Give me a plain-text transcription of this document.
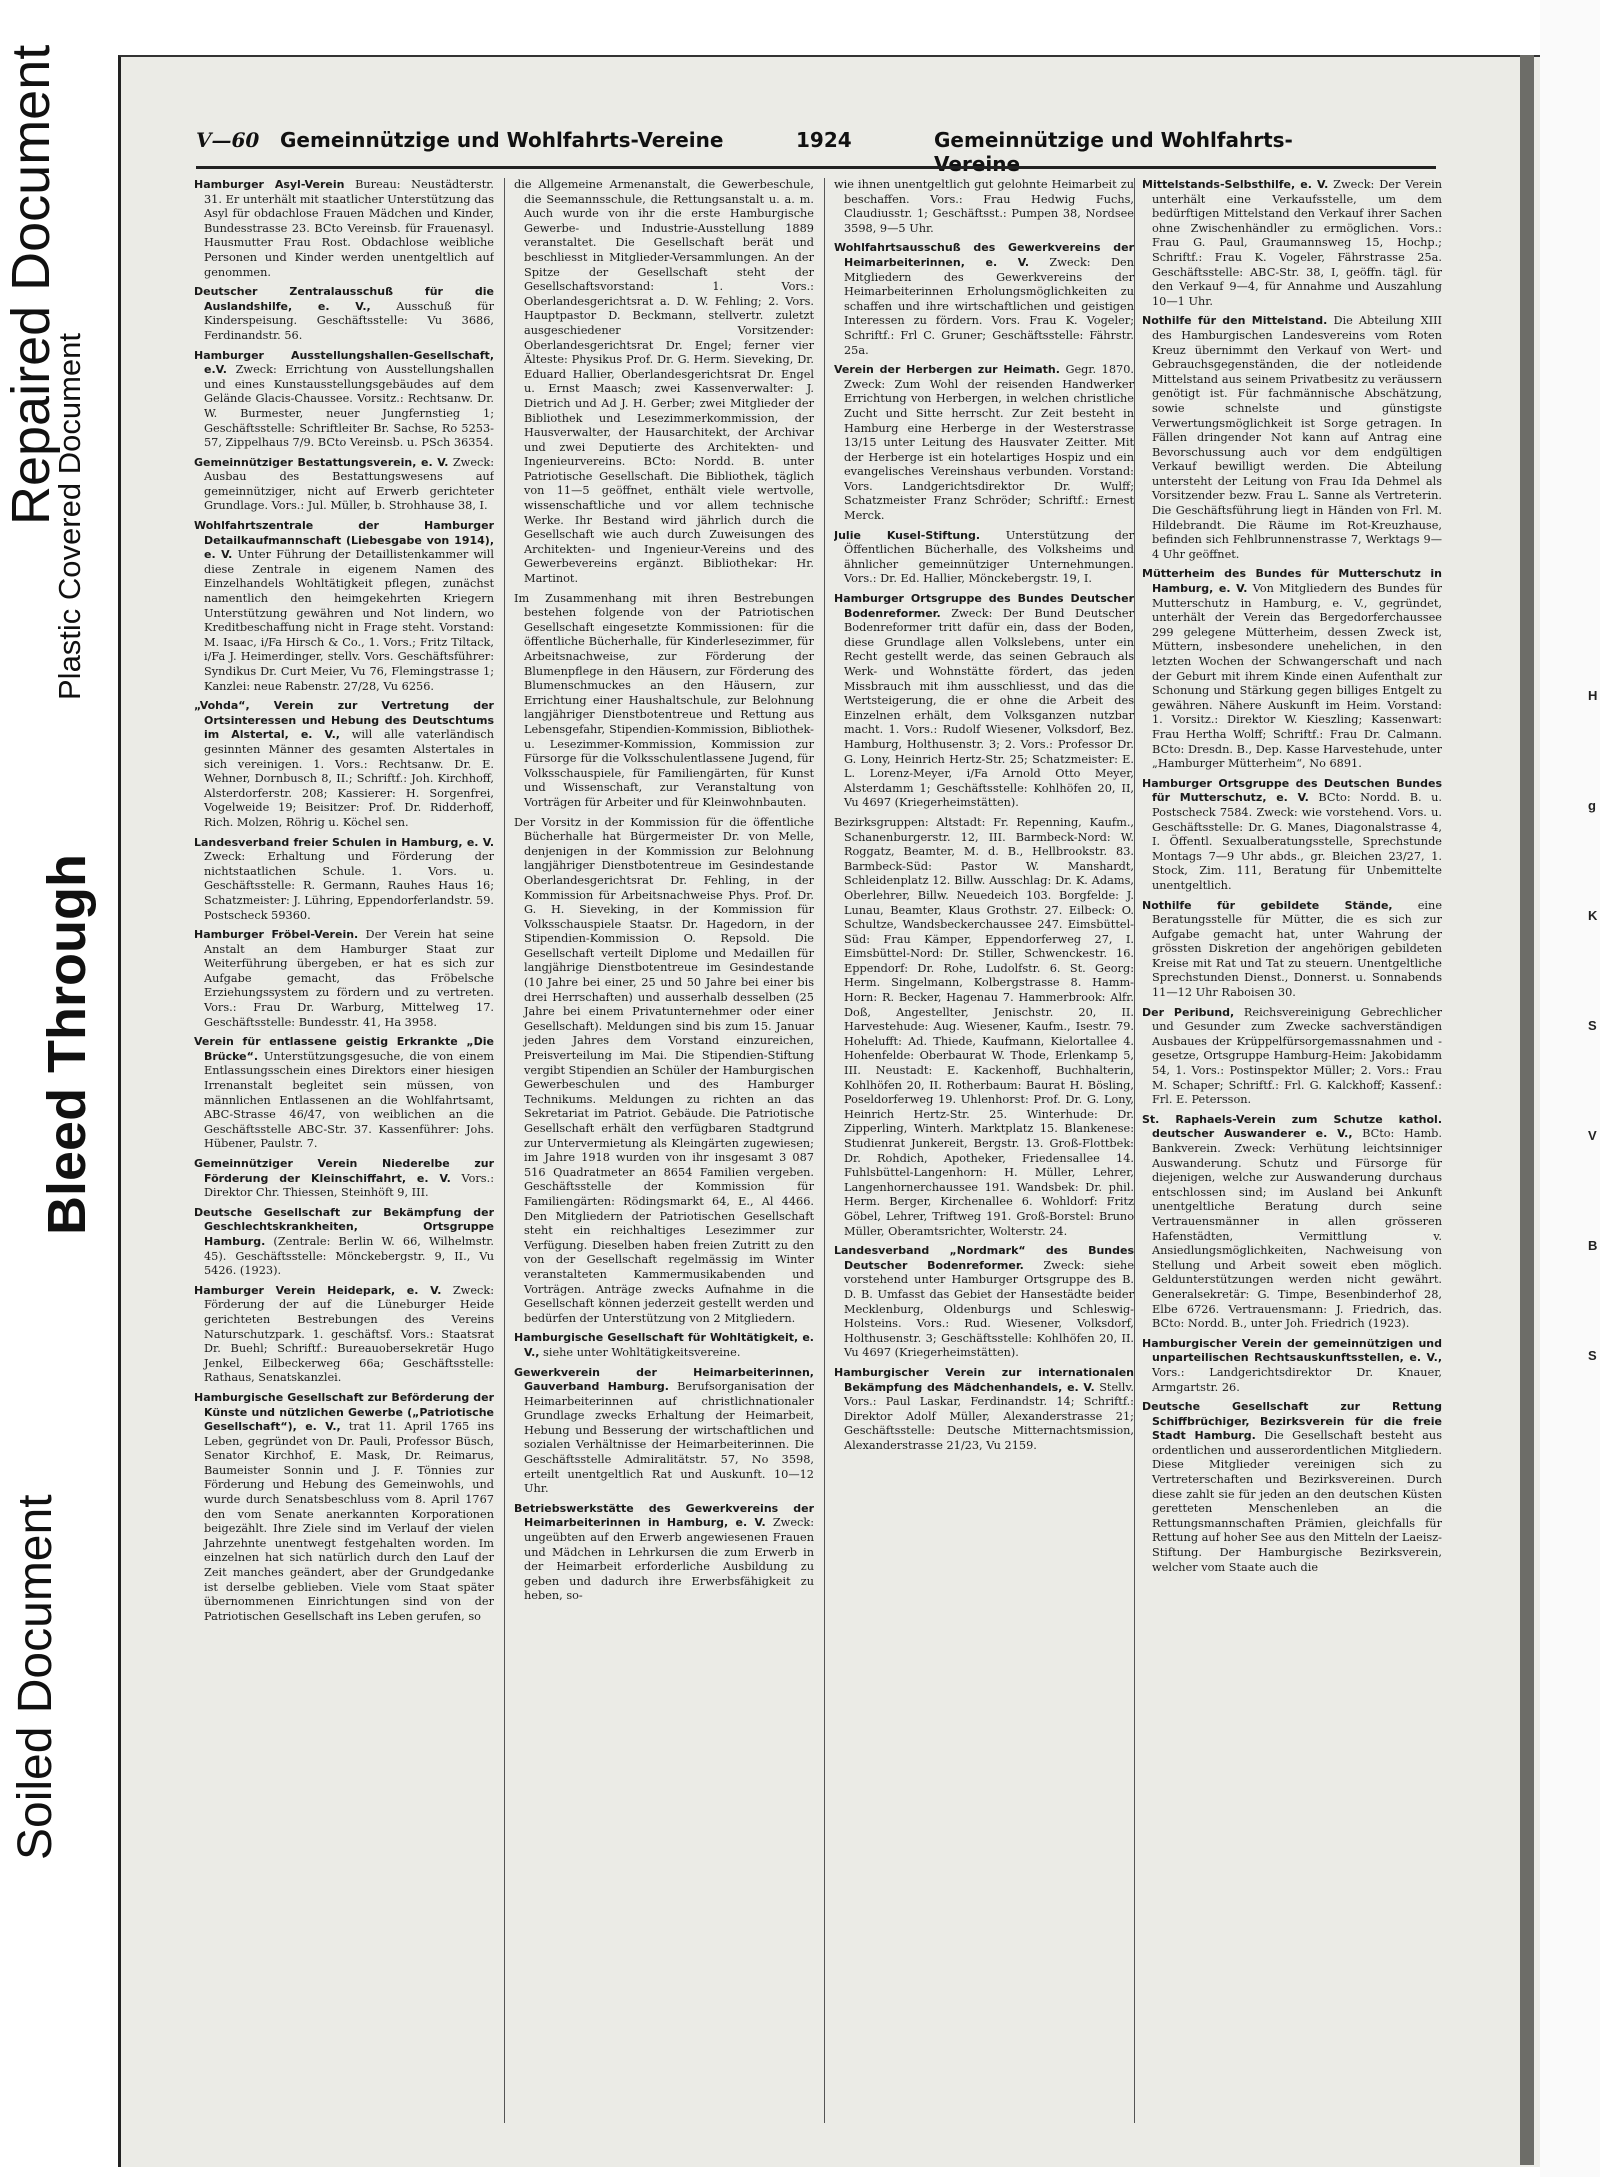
Repaired Document
Plastic Covered Document
Bleed Through
Soiled Document
H
g
K
S
V
B
S
V—60 Gemeinnützige und Wohlfahrts-Vereine	1924	Gemeinnützige und Wohlfahrts-Vereine

Hamburger Asyl-Verein Bureau: Neustädterstr. 31. Er unterhält mit staatlicher Unterstützung das Asyl für obdachlose Frauen Mädchen und Kinder, Bundesstrasse 23. BCto Vereinsb. für Frauenasyl. Hausmutter Frau Rost. Obdachlose weibliche Personen und Kinder werden unentgeltlich auf genommen.

Deutscher Zentralausschuß für die Auslandshilfe, e. V., Ausschuß für Kinderspeisung. Geschäftsstelle: Vu 3686, Ferdinandstr. 56.

Hamburger Ausstellungshallen-Gesellschaft, e.V. Zweck: Errichtung von Ausstellungshallen und eines Kunstausstellungsgebäudes auf dem Gelände Glacis-Chaussee. Vorsitz.: Rechtsanw. Dr. W. Burmester, neuer Jungfernstieg 1; Geschäftsstelle: Schriftleiter Br. Sachse, Ro 5253-57, Zippelhaus 7/9. BCto Vereinsb. u. PSch 36354.

Gemeinnütziger Bestattungsverein, e. V. Zweck: Ausbau des Bestattungswesens auf gemeinnütziger, nicht auf Erwerb gerichteter Grundlage. Vors.: Jul. Müller, b. Strohhause 38, I.

Wohlfahrtszentrale der Hamburger Detailkaufmannschaft (Liebesgabe von 1914), e. V. Unter Führung der Detaillistenkammer will diese Zentrale in eigenem Namen des Einzelhandels Wohltätigkeit pflegen, zunächst namentlich den heimgekehrten Kriegern Unterstützung gewähren und Not lindern, wo Kreditbeschaffung nicht in Frage steht. Vorstand: M. Isaac, i/Fa Hirsch & Co., 1. Vors.; Fritz Tiltack, i/Fa J. Heimerdinger, stellv. Vors. Geschäftsführer: Syndikus Dr. Curt Meier, Vu 76, Flemingstrasse 1; Kanzlei: neue Rabenstr. 27/28, Vu 6256.

„Vohda“, Verein zur Vertretung der Ortsinteressen und Hebung des Deutschtums im Alstertal, e. V., will alle vaterländisch gesinnten Männer des gesamten Alstertales in sich vereinigen. 1. Vors.: Rechtsanw. Dr. E. Wehner, Dornbusch 8, II.; Schriftf.: Joh. Kirchhoff, Alsterdorferstr. 208; Kassierer: H. Sorgenfrei, Vogelweide 19; Beisitzer: Prof. Dr. Ridderhoff, Rich. Molzen, Röhrig u. Köchel sen.

Landesverband freier Schulen in Hamburg, e. V. Zweck: Erhaltung und Förderung der nichtstaatlichen Schule. 1. Vors. u. Geschäftsstelle: R. Germann, Rauhes Haus 16; Schatzmeister: J. Lühring, Eppendorferlandstr. 59. Postscheck 59360.

Hamburger Fröbel-Verein. Der Verein hat seine Anstalt an dem Hamburger Staat zur Weiterführung übergeben, er hat es sich zur Aufgabe gemacht, das Fröbelsche Erziehungssystem zu fördern und zu vertreten. Vors.: Frau Dr. Warburg, Mittelweg 17. Geschäftsstelle: Bundesstr. 41, Ha 3958.

Verein für entlassene geistig Erkrankte „Die Brücke“. Unterstützungsgesuche, die von einem Entlassungsschein eines Direktors einer hiesigen Irrenanstalt begleitet sein müssen, von männlichen Entlassenen an die Wohlfahrtsamt, ABC-Strasse 46/47, von weiblichen an die Geschäftsstelle ABC-Str. 37. Kassenführer: Johs. Hübener, Paulstr. 7.

Gemeinnütziger Verein Niederelbe zur Förderung der Kleinschiffahrt, e. V. Vors.: Direktor Chr. Thiessen, Steinhöft 9, III.

Deutsche Gesellschaft zur Bekämpfung der Geschlechtskrankheiten, Ortsgruppe Hamburg. (Zentrale: Berlin W. 66, Wilhelmstr. 45). Geschäftsstelle: Mönckebergstr. 9, II., Vu 5426. (1923).

Hamburger Verein Heidepark, e. V. Zweck: Förderung der auf die Lüneburger Heide gerichteten Bestrebungen des Vereins Naturschutzpark. 1. geschäftsf. Vors.: Staatsrat Dr. Buehl; Schriftf.: Bureauobersekretär Hugo Jenkel, Eilbeckerweg 66a; Geschäftsstelle: Rathaus, Senatskanzlei.

Hamburgische Gesellschaft zur Beförderung der Künste und nützlichen Gewerbe („Patriotische Gesellschaft“), e. V., trat 11. April 1765 ins Leben, gegründet von Dr. Pauli, Professor Büsch, Senator Kirchhof, E. Mask, Dr. Reimarus, Baumeister Sonnin und J. F. Tönnies zur Förderung und Hebung des Gemeinwohls, und wurde durch Senatsbeschluss vom 8. April 1767 den vom Senate anerkannten Korporationen beigezählt. Ihre Ziele sind im Verlauf der vielen Jahrzehnte unentwegt festgehalten worden. Im einzelnen hat sich natürlich durch den Lauf der Zeit manches geändert, aber der Grundgedanke ist derselbe geblieben. Viele vom Staat später übernommenen Einrichtungen sind von der Patriotischen Gesellschaft ins Leben gerufen, so

die Allgemeine Armenanstalt, die Gewerbeschule, die Seemannsschule, die Rettungsanstalt u. a. m. Auch wurde von ihr die erste Hamburgische Gewerbe- und Industrie-Ausstellung 1889 veranstaltet. Die Gesellschaft berät und beschliesst in Mitglieder-Versammlungen. An der Spitze der Gesellschaft steht der Gesellschaftsvorstand: 1. Vors.: Oberlandesgerichtsrat a. D. W. Fehling; 2. Vors. Hauptpastor D. Beckmann, stellvertr. zuletzt ausgeschiedener Vorsitzender: Oberlandesgerichtsrat Dr. Engel; ferner vier Älteste: Physikus Prof. Dr. G. Herm. Sieveking, Dr. Eduard Hallier, Oberlandesgerichtsrat Dr. Engel u. Ernst Maasch; zwei Kassenverwalter: J. Dietrich und Ad J. H. Gerber; zwei Mitglieder der Bibliothek und Lesezimmerkommission, der Hausverwalter, der Hausarchitekt, der Archivar und zwei Deputierte des Architekten- und Ingenieurvereins. BCto: Nordd. B. unter Patriotische Gesellschaft. Die Bibliothek, täglich von 11—5 geöffnet, enthält viele wertvolle, wissenschaftliche und vor allem technische Werke. Ihr Bestand wird jährlich durch die Gesellschaft wie auch durch Zuweisungen des Architekten- und Ingenieur-Vereins und des Gewerbevereins ergänzt. Bibliothekar: Hr. Martinot.

Im Zusammenhang mit ihren Bestrebungen bestehen folgende von der Patriotischen Gesellschaft eingesetzte Kommissionen: für die öffentliche Bücherhalle, für Kinderlesezimmer, für Arbeitsnachweise, zur Förderung der Blumenpflege in den Häusern, zur Förderung des Blumenschmuckes an den Häusern, zur Errichtung einer Haushaltschule, zur Belohnung langjähriger Dienstbotentreue und Rettung aus Lebensgefahr, Stipendien-Kommission, Bibliothek- u. Lesezimmer-Kommission, Kommission zur Fürsorge für die Volksschulentlassene Jugend, für Volksschauspiele, für Familiengärten, für Kunst und Wissenschaft, zur Veranstaltung von Vorträgen für Arbeiter und für Kleinwohnbauten.

Der Vorsitz in der Kommission für die öffentliche Bücherhalle hat Bürgermeister Dr. von Melle, denjenigen in der Kommission zur Belohnung langjähriger Dienstbotentreue im Gesindestande Oberlandesgerichtsrat Dr. Fehling, in der Kommission für Arbeitsnachweise Phys. Prof. Dr. G. H. Sieveking, in der Kommission für Volksschauspiele Staatsr. Dr. Hagedorn, in der Stipendien-Kommission O. Repsold. Die Gesellschaft verteilt Diplome und Medaillen für langjährige Dienstbotentreue im Gesindestande (10 Jahre bei einer, 25 und 50 Jahre bei einer bis drei Herrschaften) und ausserhalb desselben (25 Jahre bei einem Privatunternehmer oder einer Gesellschaft). Meldungen sind bis zum 15. Januar jeden Jahres dem Vorstand einzureichen, Preisverteilung im Mai. Die Stipendien-Stiftung vergibt Stipendien an Schüler der Hamburgischen Gewerbeschulen und des Hamburger Technikums. Meldungen zu richten an das Sekretariat im Patriot. Gebäude. Die Patriotische Gesellschaft erhält den verfügbaren Stadtgrund zur Untervermietung als Kleingärten zugewiesen; im Jahre 1918 wurden von ihr insgesamt 3 087 516 Quadratmeter an 8654 Familien vergeben. Geschäftsstelle der Kommission für Familiengärten: Rödingsmarkt 64, E., Al 4466. Den Mitgliedern der Patriotischen Gesellschaft steht ein reichhaltiges Lesezimmer zur Verfügung. Dieselben haben freien Zutritt zu den von der Gesellschaft regelmässig im Winter veranstalteten Kammermusikabenden und Vorträgen. Anträge zwecks Aufnahme in die Gesellschaft können jederzeit gestellt werden und bedürfen der Unterstützung von 2 Mitgliedern.

Hamburgische Gesellschaft für Wohltätigkeit, e. V., siehe unter Wohltätigkeitsvereine.

Gewerkverein der Heimarbeiterinnen, Gauverband Hamburg. Berufsorganisation der Heimarbeiterinnen auf christlichnationaler Grundlage zwecks Erhaltung der Heimarbeit, Hebung und Besserung der wirtschaftlichen und sozialen Verhältnisse der Heimarbeiterinnen. Die Geschäftsstelle Admiralitätstr. 57, No 3598, erteilt unentgeltlich Rat und Auskunft. 10—12 Uhr.

Betriebswerkstätte des Gewerkvereins der Heimarbeiterinnen in Hamburg, e. V. Zweck: ungeübten auf den Erwerb angewiesenen Frauen und Mädchen in Lehrkursen die zum Erwerb in der Heimarbeit erforderliche Ausbildung zu geben und dadurch ihre Erwerbsfähigkeit zu heben, so-

wie ihnen unentgeltlich gut gelohnte Heimarbeit zu beschaffen. Vors.: Frau Hedwig Fuchs, Claudiusstr. 1; Geschäftsst.: Pumpen 38, Nordsee 3598, 9—5 Uhr.

Wohlfahrtsausschuß des Gewerkvereins der Heimarbeiterinnen, e. V. Zweck: Den Mitgliedern des Gewerkvereins der Heimarbeiterinnen Erholungsmöglichkeiten zu schaffen und ihre wirtschaftlichen und geistigen Interessen zu fördern. Vors. Frau K. Vogeler; Schriftf.: Frl C. Gruner; Geschäftsstelle: Fährstr. 25a.

Verein der Herbergen zur Heimath. Gegr. 1870. Zweck: Zum Wohl der reisenden Handwerker Errichtung von Herbergen, in welchen christliche Zucht und Sitte herrscht. Zur Zeit besteht in Hamburg eine Herberge in der Westerstrasse 13/15 unter Leitung des Hausvater Zeitter. Mit der Herberge ist ein hotelartiges Hospiz und ein evangelisches Vereinshaus verbunden. Vorstand: Vors. Landgerichtsdirektor Dr. Wulff; Schatzmeister Franz Schröder; Schriftf.: Ernest Merck.

Julie Kusel-Stiftung. Unterstützung der Öffentlichen Bücherhalle, des Volksheims und ähnlicher gemeinnütziger Unternehmungen. Vors.: Dr. Ed. Hallier, Mönckebergstr. 19, I.

Hamburger Ortsgruppe des Bundes Deutscher Bodenreformer. Zweck: Der Bund Deutscher Bodenreformer tritt dafür ein, dass der Boden, diese Grundlage allen Volkslebens, unter ein Recht gestellt werde, das seinen Gebrauch als Werk- und Wohnstätte fördert, das jeden Missbrauch mit ihm ausschliesst, und das die Wertsteigerung, die er ohne die Arbeit des Einzelnen erhält, dem Volksganzen nutzbar macht. 1. Vors.: Rudolf Wiesener, Volksdorf, Bez. Hamburg, Holthusenstr. 3; 2. Vors.: Professor Dr. G. Lony, Heinrich Hertz-Str. 25; Schatzmeister: E. L. Lorenz-Meyer, i/Fa Arnold Otto Meyer, Alsterdamm 1; Geschäftsstelle: Kohlhöfen 20, II, Vu 4697 (Kriegerheimstätten).

Bezirksgruppen: Altstadt: Fr. Repenning, Kaufm., Schanenburgerstr. 12, III. Barmbeck-Nord: W. Roggatz, Beamter, M. d. B., Hellbrookstr. 83. Barmbeck-Süd: Pastor W. Manshardt, Schleidenplatz 12. Billw. Ausschlag: Dr. K. Adams, Oberlehrer, Billw. Neuedeich 103. Borgfelde: J. Lunau, Beamter, Klaus Grothstr. 27. Eilbeck: O. Schultze, Wandsbeckerchaussee 247. Eimsbüttel-Süd: Frau Kämper, Eppendorferweg 27, I. Eimsbüttel-Nord: Dr. Stiller, Schwenckestr. 16. Eppendorf: Dr. Rohe, Ludolfstr. 6. St. Georg: Herm. Singelmann, Kolbergstrasse 8. Hamm-Horn: R. Becker, Hagenau 7. Hammerbrook: Alfr. Doß, Angestellter, Jenischstr. 20, II. Harvestehude: Aug. Wiesener, Kaufm., Isestr. 79. Hohelufft: Ad. Thiede, Kaufmann, Kielortallee 4. Hohenfelde: Oberbaurat W. Thode, Erlenkamp 5, III. Neustadt: E. Kackenhoff, Buchhalterin, Kohlhöfen 20, II. Rotherbaum: Baurat H. Bösling, Poseldorferweg 19. Uhlenhorst: Prof. Dr. G. Lony, Heinrich Hertz-Str. 25. Winterhude: Dr. Zipperling, Winterh. Marktplatz 15. Blankenese: Studienrat Junkereit, Bergstr. 13. Groß-Flottbek: Dr. Rohdich, Apotheker, Friedensallee 14. Fuhlsbüttel-Langenhorn: H. Müller, Lehrer, Langenhornerchaussee 191. Wandsbek: Dr. phil. Herm. Berger, Kirchenallee 6. Wohldorf: Fritz Göbel, Lehrer, Triftweg 191. Groß-Borstel: Bruno Müller, Oberamtsrichter, Wolterstr. 24.

Landesverband „Nordmark“ des Bundes Deutscher Bodenreformer. Zweck: siehe vorstehend unter Hamburger Ortsgruppe des B. D. B. Umfasst das Gebiet der Hansestädte beider Mecklenburg, Oldenburgs und Schleswig-Holsteins. Vors.: Rud. Wiesener, Volksdorf, Holthusenstr. 3; Geschäftsstelle: Kohlhöfen 20, II. Vu 4697 (Kriegerheimstätten).

Hamburgischer Verein zur internationalen Bekämpfung des Mädchenhandels, e. V. Stellv. Vors.: Paul Laskar, Ferdinandstr. 14; Schriftf.: Direktor Adolf Müller, Alexanderstrasse 21; Geschäftsstelle: Deutsche Mitternachtsmission, Alexanderstrasse 21/23, Vu 2159.

Mittelstands-Selbsthilfe, e. V. Zweck: Der Verein unterhält eine Verkaufsstelle, um dem bedürftigen Mittelstand den Verkauf ihrer Sachen ohne Zwischenhändler zu ermöglichen. Vors.: Frau G. Paul, Graumannsweg 15, Hochp.; Schriftf.: Frau K. Vogeler, Fährstrasse 25a. Geschäftsstelle: ABC-Str. 38, I, geöffn. tägl. für den Verkauf 9—4, für Annahme und Auszahlung 10—1 Uhr.

Nothilfe für den Mittelstand. Die Abteilung XIII des Hamburgischen Landesvereins vom Roten Kreuz übernimmt den Verkauf von Wert- und Gebrauchsgegenständen, die der notleidende Mittelstand aus seinem Privatbesitz zu veräussern genötigt ist. Für fachmännische Abschätzung, sowie schnelste und günstigste Verwertungsmöglichkeit ist Sorge getragen. In Fällen dringender Not kann auf Antrag eine Bevorschussung auch vor dem endgültigen Verkauf bewilligt werden. Die Abteilung untersteht der Leitung von Frau Ida Dehmel als Vorsitzender bezw. Frau L. Sanne als Vertreterin. Die Geschäftsführung liegt in Händen von Frl. M. Hildebrandt. Die Räume im Rot-Kreuzhause, befinden sich Fehlbrunnenstrasse 7, Werktags 9—4 Uhr geöffnet.

Mütterheim des Bundes für Mutterschutz in Hamburg, e. V. Von Mitgliedern des Bundes für Mutterschutz in Hamburg, e. V., gegründet, unterhält der Verein das Bergedorferchaussee 299 gelegene Mütterheim, dessen Zweck ist, Müttern, insbesondere unehelichen, in den letzten Wochen der Schwangerschaft und nach der Geburt mit ihrem Kinde einen Aufenthalt zur Schonung und Stärkung gegen billiges Entgelt zu gewähren. Nähere Auskunft im Heim. Vorstand: 1. Vorsitz.: Direktor W. Kieszling; Kassenwart: Frau Hertha Wolff; Schriftf.: Frau Dr. Calmann. BCto: Dresdn. B., Dep. Kasse Harvestehude, unter „Hamburger Mütterheim“, No 6891.

Hamburger Ortsgruppe des Deutschen Bundes für Mutterschutz, e. V. BCto: Nordd. B. u. Postscheck 7584. Zweck: wie vorstehend. Vors. u. Geschäftsstelle: Dr. G. Manes, Diagonalstrasse 4, I. Öffentl. Sexualberatungsstelle, Sprechstunde Montags 7—9 Uhr abds., gr. Bleichen 23/27, 1. Stock, Zim. 111, Beratung für Unbemittelte unentgeltlich.

Nothilfe für gebildete Stände, eine Beratungsstelle für Mütter, die es sich zur Aufgabe gemacht hat, unter Wahrung der grössten Diskretion der angehörigen gebildeten Kreise mit Rat und Tat zu steuern. Unentgeltliche Sprechstunden Dienst., Donnerst. u. Sonnabends 11—12 Uhr Raboisen 30.

Der Peribund, Reichsvereinigung Gebrechlicher und Gesunder zum Zwecke sachverständigen Ausbaues der Krüppelfürsorgemassnahmen und -gesetze, Ortsgruppe Hamburg-Heim: Jakobidamm 54, 1. Vors.: Postinspektor Müller; 2. Vors.: Frau M. Schaper; Schriftf.: Frl. G. Kalckhoff; Kassenf.: Frl. E. Petersson.

St. Raphaels-Verein zum Schutze kathol. deutscher Auswanderer e. V., BCto: Hamb. Bankverein. Zweck: Verhütung leichtsinniger Auswanderung. Schutz und Fürsorge für diejenigen, welche zur Auswanderung durchaus entschlossen sind; im Ausland bei Ankunft unentgeltliche Beratung durch seine Vertrauensmänner in allen grösseren Hafenstädten, Vermittlung v. Ansiedlungsmöglichkeiten, Nachweisung von Stellung und Arbeit soweit eben möglich. Geldunterstützungen werden nicht gewährt. Generalsekretär: G. Timpe, Besenbinderhof 28, Elbe 6726. Vertrauensmann: J. Friedrich, das. BCto: Nordd. B., unter Joh. Friedrich (1923).

Hamburgischer Verein der gemeinnützigen und unparteilischen Rechtsauskunftsstellen, e. V., Vors.: Landgerichtsdirektor Dr. Knauer, Armgartstr. 26.

Deutsche Gesellschaft zur Rettung Schiffbrüchiger, Bezirksverein für die freie Stadt Hamburg. Die Gesellschaft besteht aus ordentlichen und ausserordentlichen Mitgliedern. Diese Mitglieder vereinigen sich zu Vertreterschaften und Bezirksvereinen. Durch diese zahlt sie für jeden an den deutschen Küsten geretteten Menschenleben an die Rettungsmannschaften Prämien, gleichfalls für Rettung auf hoher See aus den Mitteln der Laeisz-Stiftung. Der Hamburgische Bezirksverein, welcher vom Staate auch die
